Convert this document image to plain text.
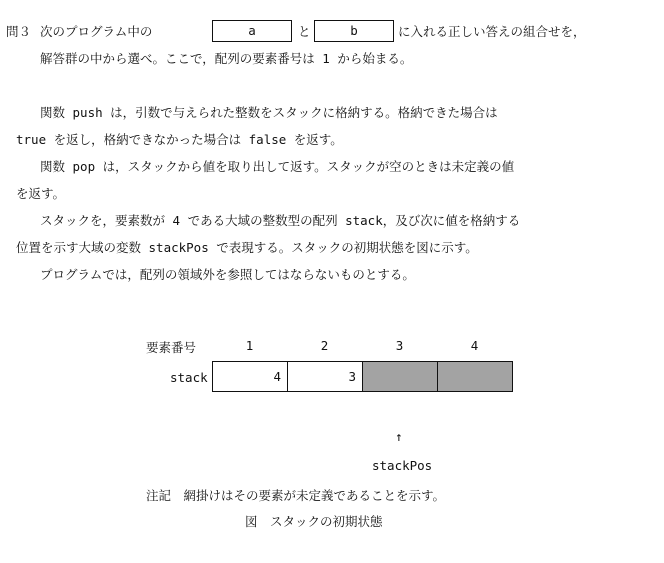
問３ 次のプログラム中の	a	と	b	に入れる正しい答えの組合せを，
解答群の中から選べ。ここで，配列の要素番号は 1 から始まる。
関数 push は，引数で与えられた整数をスタックに格納する。格納できた場合は
true を返し，格納できなかった場合は false を返す。
関数 pop は，スタックから値を取り出して返す。スタックが空のときは未定義の値
を返す。
スタックを，要素数が 4 である大域の整数型の配列 stack，及び次に値を格納する
位置を示す大域の変数 stackPos で表現する。スタックの初期状態を図に示す。
プログラムでは，配列の領域外を参照してはならないものとする。
要素番号	1	2	3	4
stack	4	3		
↑
stackPos
注記　網掛けはその要素が未定義であることを示す。
図　スタックの初期状態
